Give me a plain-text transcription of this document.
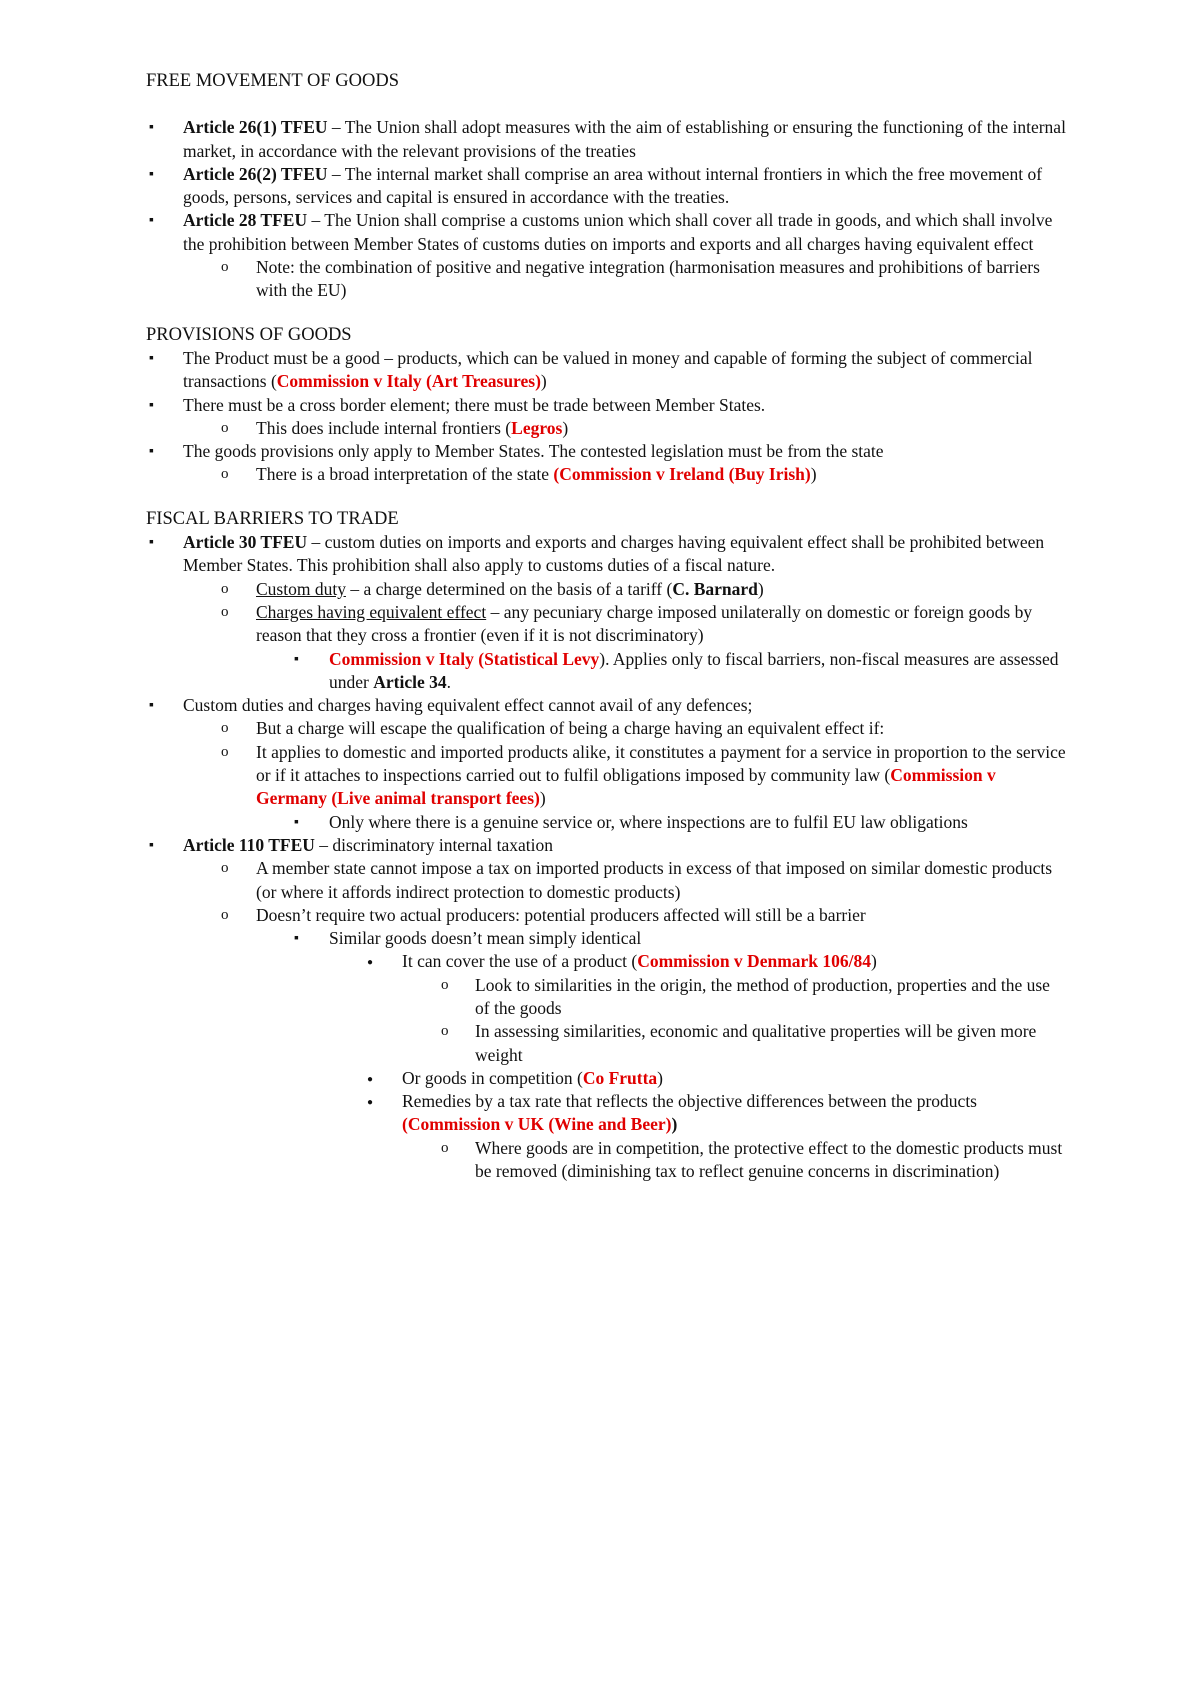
FREE MOVEMENT OF GOODS
▪
Article 26(1) TFEU – The Union shall adopt measures with the aim of establishing or ensuring the functioning of the internal market, in accordance with the relevant provisions of the treaties
▪
Article 26(2) TFEU – The internal market shall comprise an area without internal frontiers in which the free movement of goods, persons, services and capital is ensured in accordance with the treaties.
▪
Article 28 TFEU – The Union shall comprise a customs union which shall cover all trade in goods, and which shall involve the prohibition between Member States of customs duties on imports and exports and all charges having equivalent effect
o
Note: the combination of positive and negative integration (harmonisation measures and prohibitions of barriers with the EU)
PROVISIONS OF GOODS
▪
The Product must be a good – products, which can be valued in money and capable of forming the subject of commercial transactions (Commission v Italy (Art Treasures))
▪
There must be a cross border element; there must be trade between Member States.
o
This does include internal frontiers (Legros)
▪
The goods provisions only apply to Member States. The contested legislation must be from the state
o
There is a broad interpretation of the state (Commission v Ireland (Buy Irish))
FISCAL BARRIERS TO TRADE
▪
Article 30 TFEU – custom duties on imports and exports and charges having equivalent effect shall be prohibited between Member States. This prohibition shall also apply to customs duties of a fiscal nature.
o
Custom duty – a charge determined on the basis of a tariff (C. Barnard)
o
Charges having equivalent effect – any pecuniary charge imposed unilaterally on domestic or foreign goods by reason that they cross a frontier (even if it is not discriminatory)
▪
Commission v Italy (Statistical Levy). Applies only to fiscal barriers, non-fiscal measures are assessed under Article 34.
▪
Custom duties and charges having equivalent effect cannot avail of any defences;
o
But a charge will escape the qualification of being a charge having an equivalent effect if:
o
It applies to domestic and imported products alike, it constitutes a payment for a service in proportion to the service or if it attaches to inspections carried out to fulfil obligations imposed by community law (Commission v Germany (Live animal transport fees))
▪
Only where there is a genuine service or, where inspections are to fulfil EU law obligations
▪
Article 110 TFEU – discriminatory internal taxation
o
A member state cannot impose a tax on imported products in excess of that imposed on similar domestic products (or where it affords indirect protection to domestic products)
o
Doesn’t require two actual producers: potential producers affected will still be a barrier
▪
Similar goods doesn’t mean simply identical
●
It can cover the use of a product (Commission v Denmark 106/84)
o
Look to similarities in the origin, the method of production, properties and the use of the goods
o
In assessing similarities, economic and qualitative properties will be given more weight
●
Or goods in competition (Co Frutta)
●
Remedies by a tax rate that reflects the objective differences between the products (Commission v UK (Wine and Beer))
o
Where goods are in competition, the protective effect to the domestic products must be removed (diminishing tax to reflect genuine concerns in discrimination)
